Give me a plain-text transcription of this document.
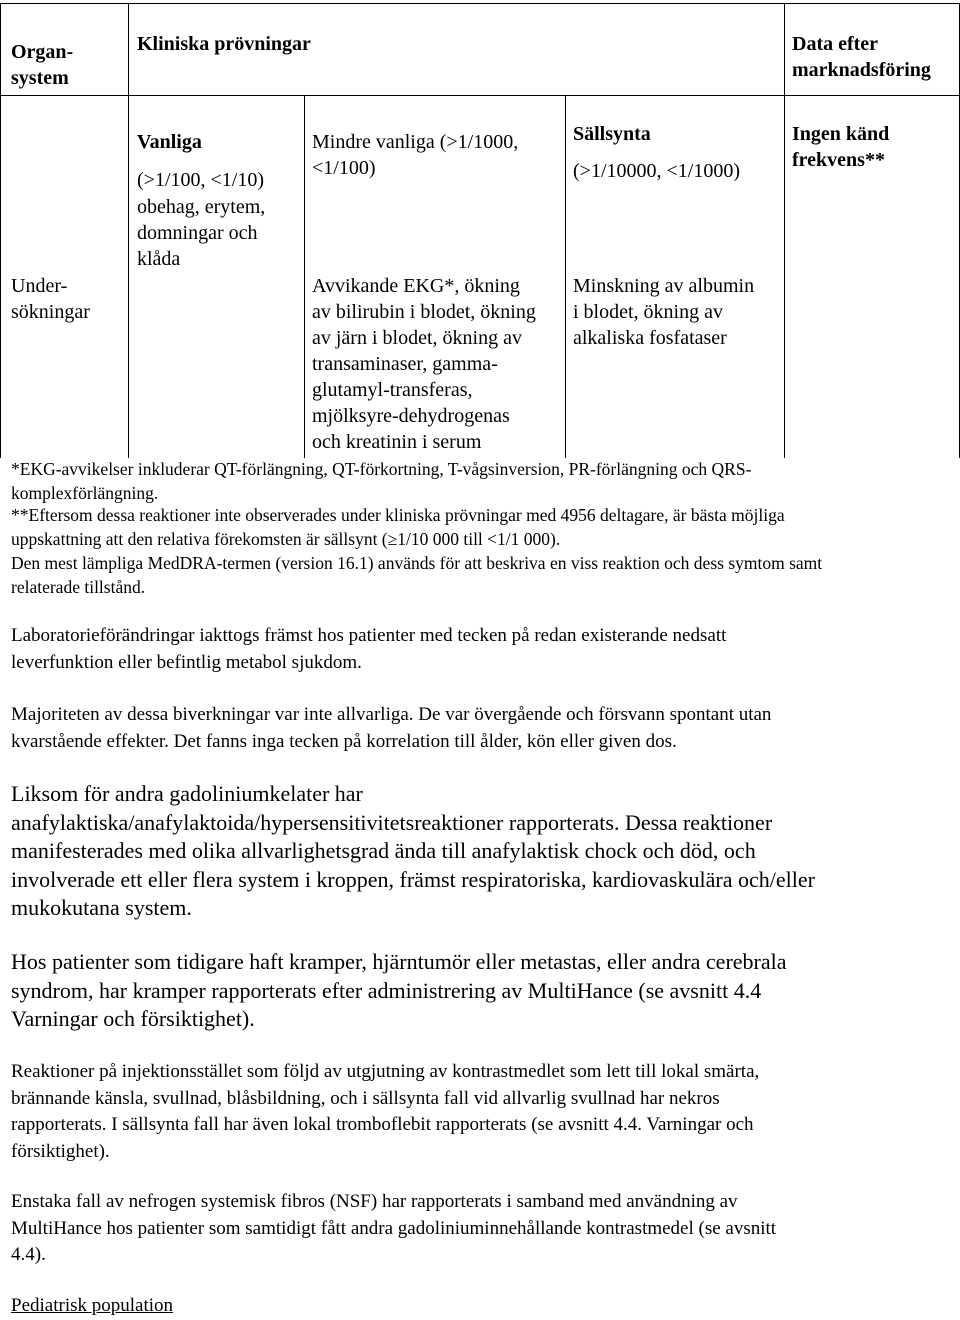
Organ-
system
Kliniska prövningar	Data efter
marknadsföring
Vanliga
(>1/100, <1/10)
Mindre vanliga (>1/1000,
<1/100)
Sällsynta
(>1/10000, <1/1000)
Ingen känd
frekvens**
Under-
sökningar
obehag, erytem,
domningar och
klåda
Avvikande EKG*, ökning
av bilirubin i blodet, ökning
av järn i blodet, ökning av
transaminaser, gamma-
glutamyl-transferas,
mjölksyre-dehydrogenas
och kreatinin i serum
Minskning av albumin
i blodet, ökning av
alkaliska fosfataser
*EKG-avvikelser inkluderar QT-förlängning, QT-förkortning, T-vågsinversion, PR-förlängning och QRS-
komplexförlängning.
**Eftersom dessa reaktioner inte observerades under kliniska prövningar med 4956 deltagare, är bästa möjliga
uppskattning att den relativa förekomsten är sällsynt (≥1/10 000 till <1/1 000).
Den mest lämpliga MedDRA-termen (version 16.1) används för att beskriva en viss reaktion och dess symtom samt
relaterade tillstånd.
Laboratorieförändringar iakttogs främst hos patienter med tecken på redan existerande nedsatt
leverfunktion eller befintlig metabol sjukdom.
Majoriteten av dessa biverkningar var inte allvarliga. De var övergående och försvann spontant utan
kvarstående effekter. Det fanns inga tecken på korrelation till ålder, kön eller given dos.
Liksom för andra gadoliniumkelater har
anafylaktiska/anafylaktoida/hypersensitivitetsreaktioner rapporterats. Dessa reaktioner
manifesterades med olika allvarlighetsgrad ända till anafylaktisk chock och död, och
involverade ett eller flera system i kroppen, främst respiratoriska, kardiovaskulära och/eller
mukokutana system.
Hos patienter som tidigare haft kramper, hjärntumör eller metastas, eller andra cerebrala
syndrom, har kramper rapporterats efter administrering av MultiHance (se avsnitt 4.4
Varningar och försiktighet).
Reaktioner på injektionsstället som följd av utgjutning av kontrastmedlet som lett till lokal smärta,
brännande känsla, svullnad, blåsbildning, och i sällsynta fall vid allvarlig svullnad har nekros
rapporterats. I sällsynta fall har även lokal tromboflebit rapporterats (se avsnitt 4.4. Varningar och
försiktighet).
Enstaka fall av nefrogen systemisk fibros (NSF) har rapporterats i samband med användning av
MultiHance hos patienter som samtidigt fått andra gadoliniuminnehållande kontrastmedel (se avsnitt
4.4).
Pediatrisk population
